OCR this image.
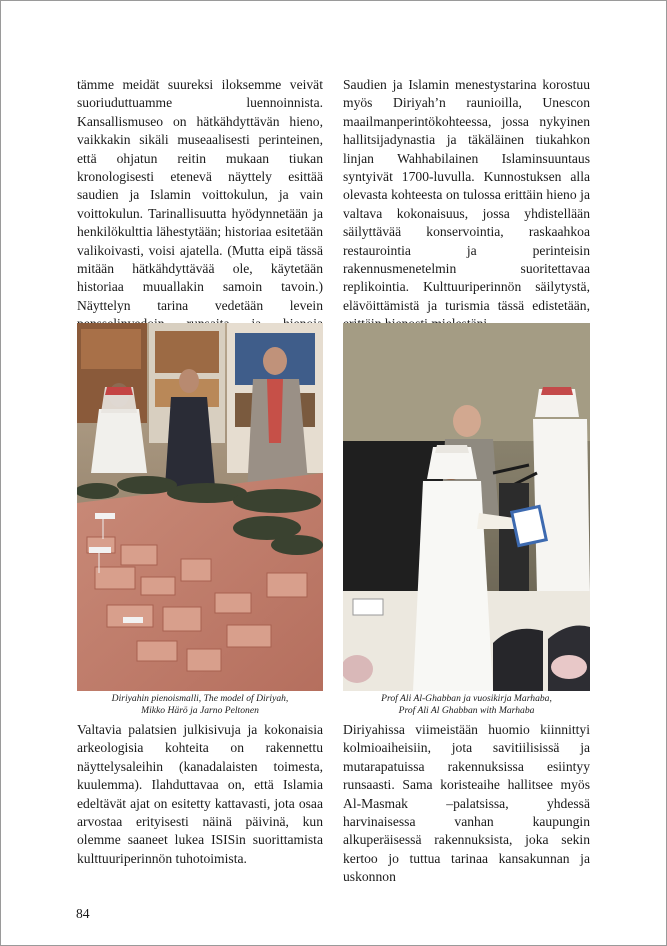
tämme meidät suureksi iloksemme veivät suoriuduttuamme luennoinnista. Kansallismuseo on hätkähdyttävän hieno, vaikkakin sikäli museaalisesti perinteinen, että ohjatun reitin mukaan tiukan kronologisesti etenevä näyttely esittää saudien ja Islamin voittokulun, ja vain voittokulun. Tarinallisuutta hyödynnetään ja henkilökulttia lähestytään; historiaa esitetään valikoivasti, voisi ajatella. (Mutta eipä tässä mitään hätkähdyttävää ole, käytetään historiaa muuallakin samoin tavoin.) Näyttelyn tarina vedetään levein

Diriyahin pienoismalli, The model of Diriyah,
Mikko Härö ja Jarno Peltonen

Valtavia palatsien julkisivuja ja kokonaisia arkeologisia kohteita on rakennettu näyttelysaleihin (kanadalaisten toimesta, kuulemma). Ilahduttavaa on, että Islamia edeltävät ajat on esitetty kattavasti, jota osaa arvostaa erityisesti näinä päivinä, kun olemme saaneet lukea ISISin suorittamista kulttuuriperinnön tuhotoimista.

Saudien ja Islamin menestystarina korostuu myös Diriyah’n raunioilla, Unescon maailmanperintökohteessa, jossa nykyinen hallitsijadynastia ja täkäläinen tiukahkon linjan Wahhabilainen Islaminsuuntaus syntyivät 1700-luvulla. Kunnostuksen alla olevasta kohteesta on tulossa erittäin hieno ja valtava kokonaisuus, jossa yhdistellään säilyttävää konservointia, raskaahkoa restaurointia ja perinteisin rakennusmenetelmin suoritettavaa replikointia. Kulttuuriperinnön säilytystä, elävöittämistä ja turismia tässä edistetään,

Prof Ali Al-Ghabban ja vuosikirja Marhaba,
Prof Ali Al Ghabban with Marhaba

Diriyahissa viimeistään huomio kiinnittyi kolmioaiheisiin, jota savitiilisissä ja mutarapatuissa rakennuksissa esiintyy runsaasti. Sama koristeaihe hallitsee myös Al-Masmak –palatsissa, yhdessä harvinaisessa vanhan kaupungin alkuperäisessä rakennuksista, joka sekin kertoo jo tuttua tarinaa kansakunnan ja uskonnon

84
